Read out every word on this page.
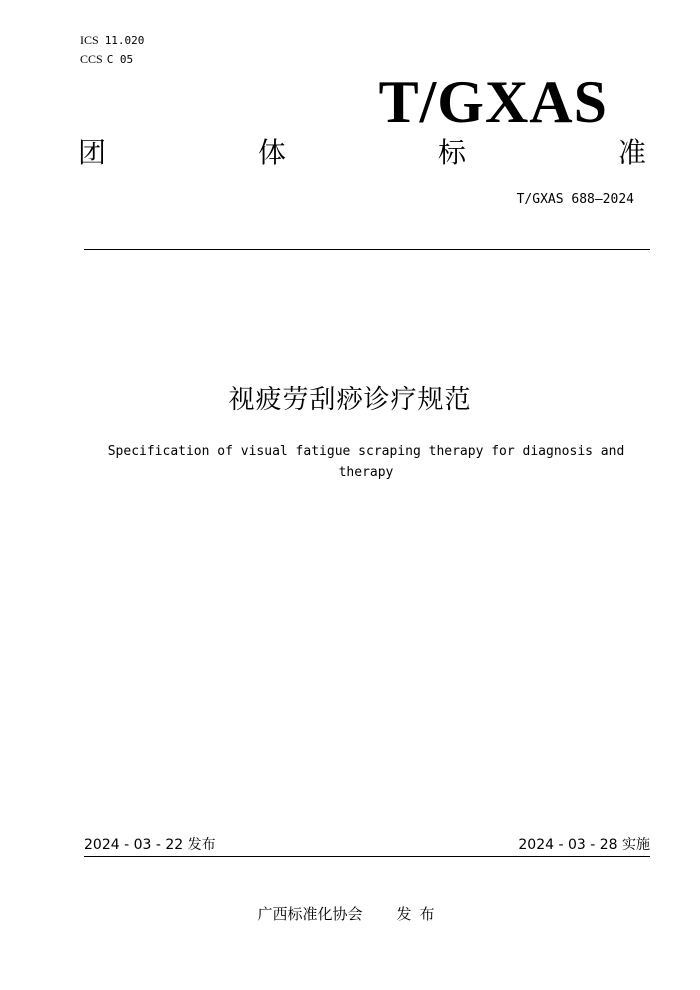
ICS 11.020
CCS C 05
T/GXAS
团	体	标	准
T/GXAS 688—2024
视疲劳刮痧诊疗规范
Specification of visual fatigue scraping therapy for diagnosis and therapy
2024 - 03 - 22 发布	2024 - 03 - 28 实施
广西标准化协会 发布
